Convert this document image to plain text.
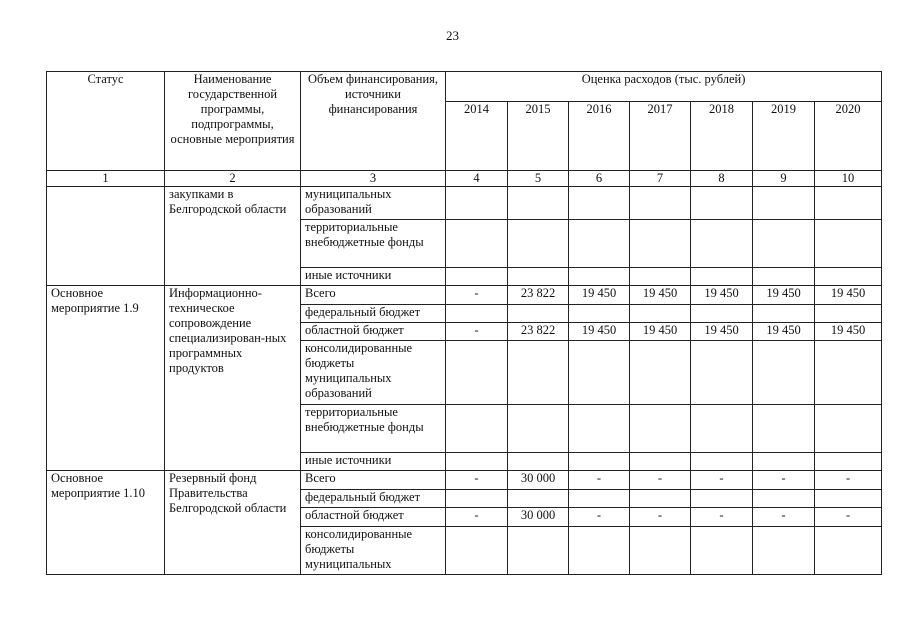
23
Статус	Наименование государственной программы, подпрограммы, основные мероприятия	Объем финансирования, источники финансирования	Оценка расходов (тыс. рублей)						
			2014	2015	2016	2017	2018	2019	2020
1	2	3	4	5	6	7	8	9	10
	закупками в Белгородской области	муниципальных образований							
		территориальные внебюджетные фонды							
		иные источники							
Основное мероприятие 1.9	Информационно-техническое сопровождение специализирован-ных программных продуктов	Всего	-	23 822	19 450	19 450	19 450	19 450	19 450
		федеральный бюджет							
		областной бюджет	-	23 822	19 450	19 450	19 450	19 450	19 450
		консолидированные бюджеты муниципальных образований							
		территориальные внебюджетные фонды							
		иные источники							
Основное мероприятие 1.10	Резервный фонд Правительства Белгородской области	Всего	-	30 000	-	-	-	-	-
		федеральный бюджет							
		областной бюджет	-	30 000	-	-	-	-	-
		консолидированные бюджеты муниципальных							
